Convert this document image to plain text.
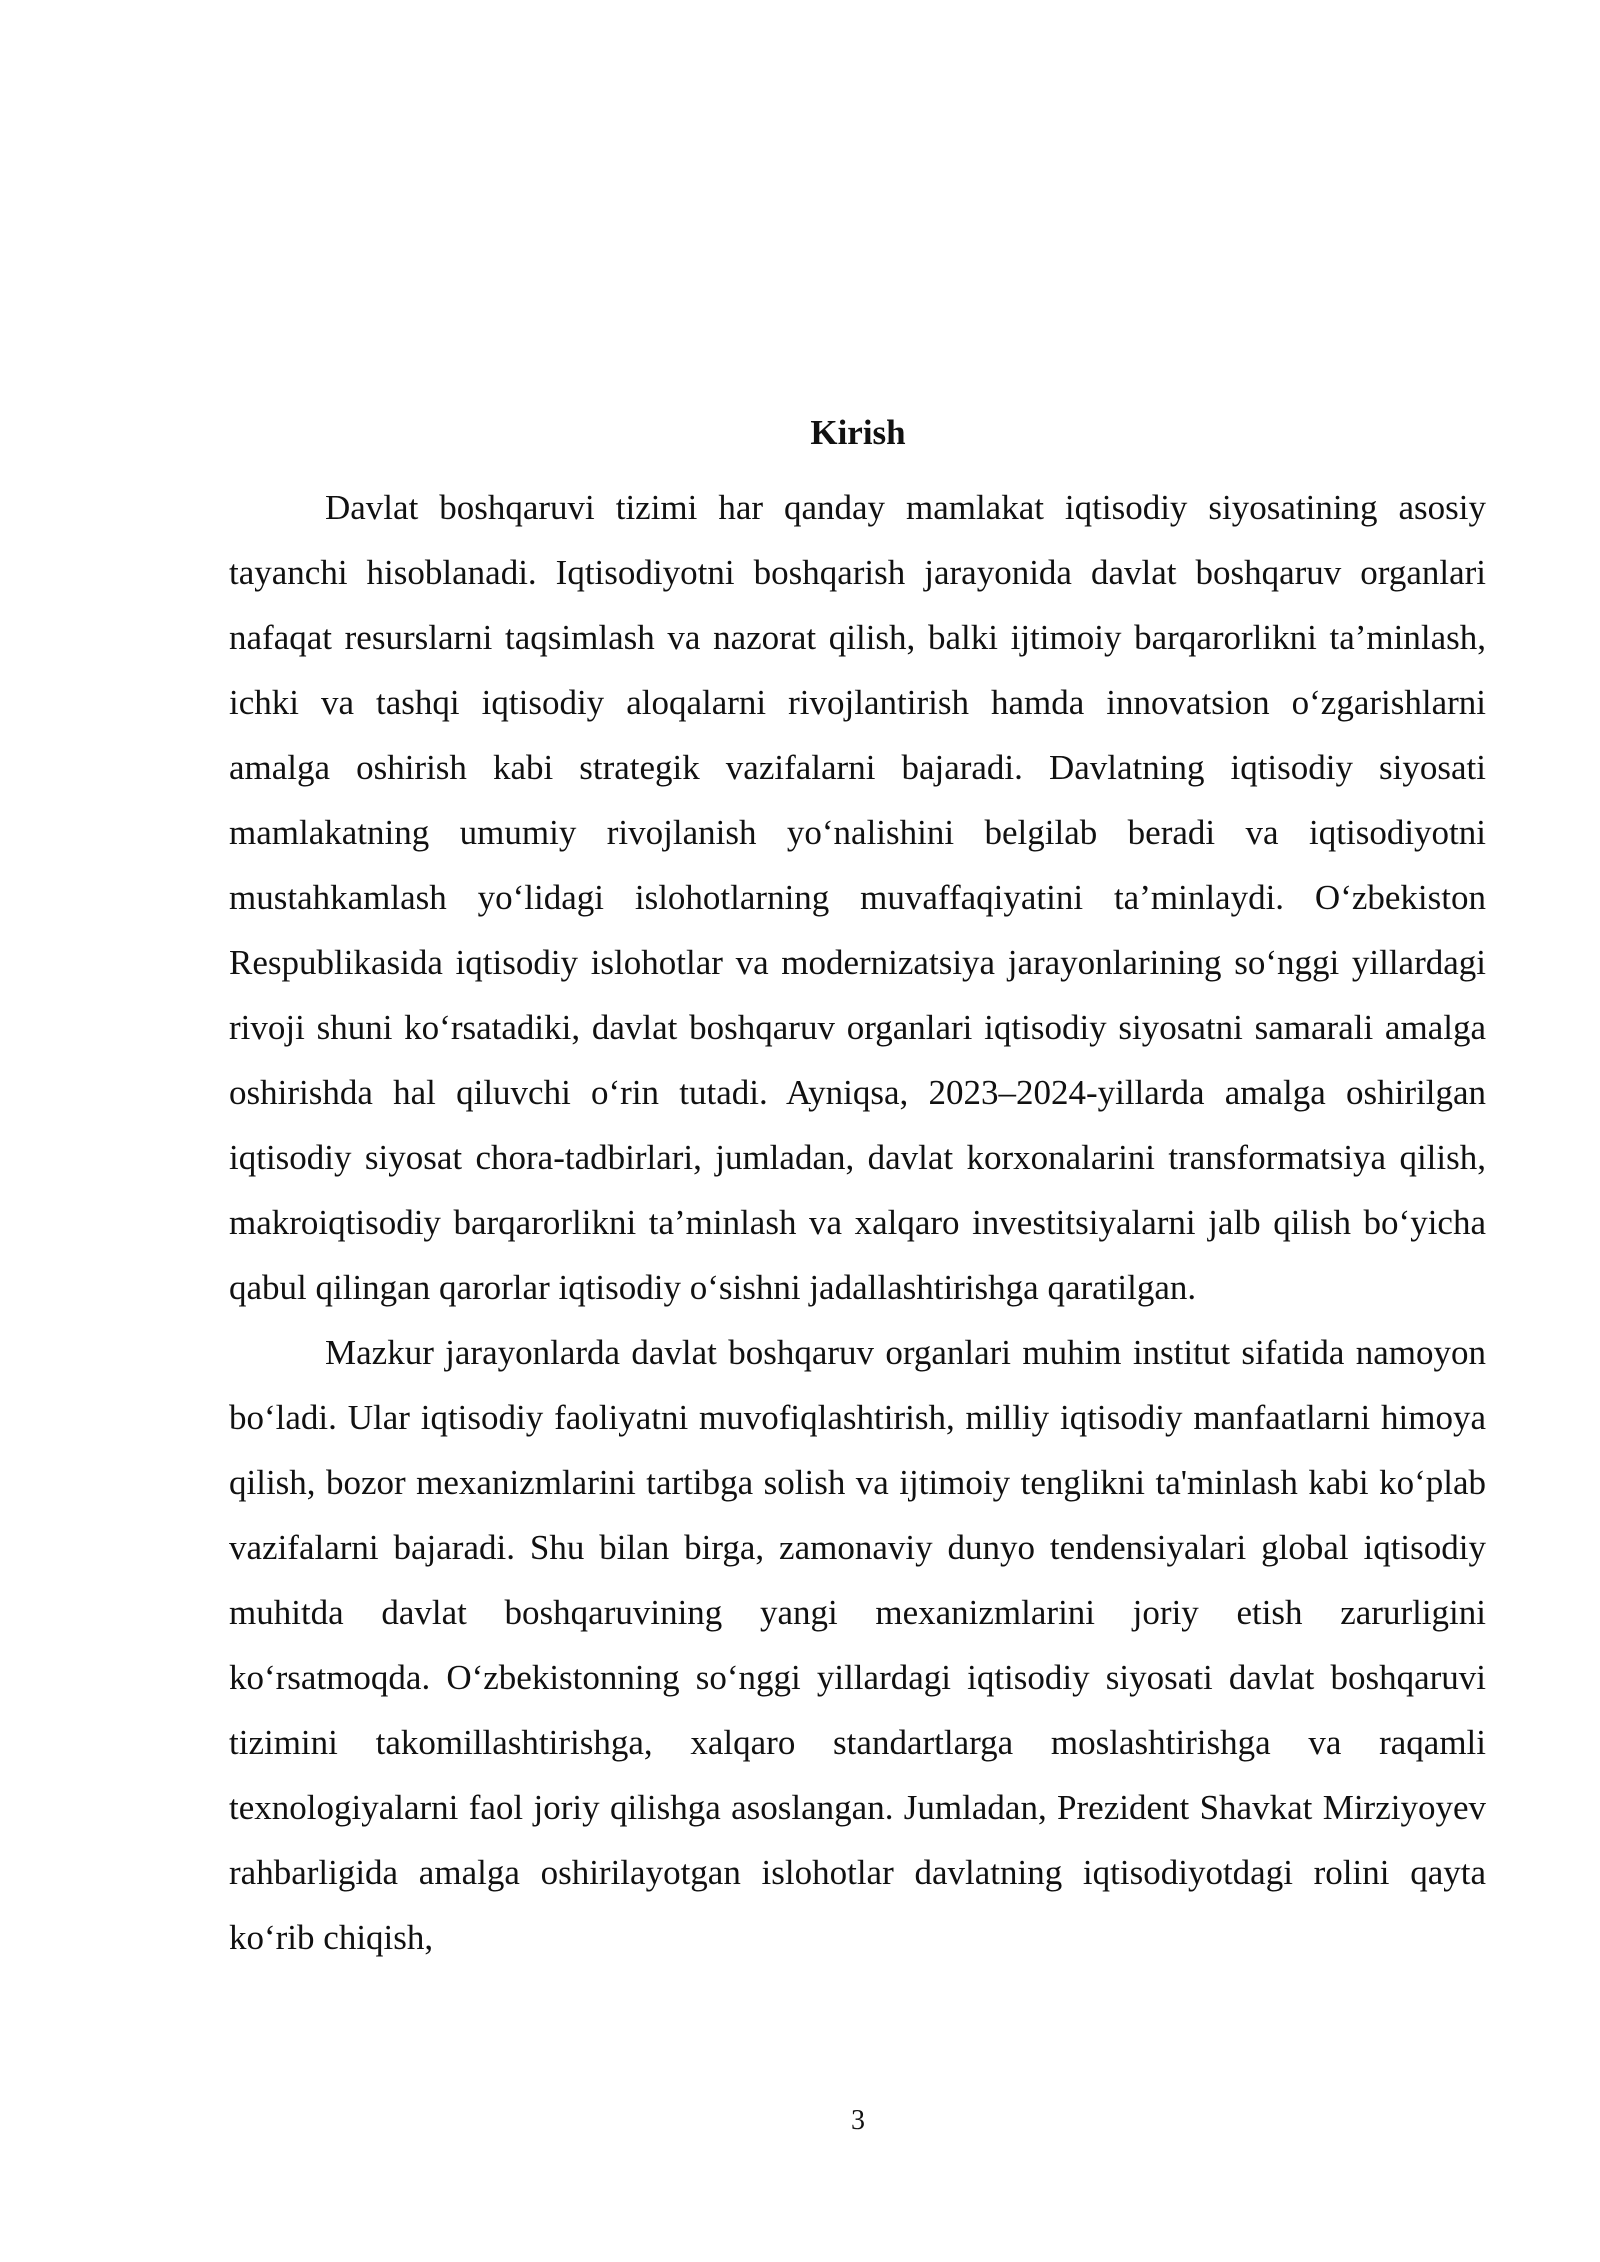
Kirish

Davlat boshqaruvi tizimi har qanday mamlakat iqtisodiy siyosatining asosiy tayanchi hisoblanadi. Iqtisodiyotni boshqarish jarayonida davlat boshqaruv organlari nafaqat resurslarni taqsimlash va nazorat qilish, balki ijtimoiy barqarorlikni ta’minlash, ichki va tashqi iqtisodiy aloqalarni rivojlantirish hamda innovatsion o‘zgarishlarni amalga oshirish kabi strategik vazifalarni bajaradi. Davlatning iqtisodiy siyosati mamlakatning umumiy rivojlanish yo‘nalishini belgilab beradi va iqtisodiyotni mustahkamlash yo‘lidagi islohotlarning muvaffaqiyatini ta’minlaydi. O‘zbekiston Respublikasida iqtisodiy islohotlar va modernizatsiya jarayonlarining so‘nggi yillardagi rivoji shuni ko‘rsatadiki, davlat boshqaruv organlari iqtisodiy siyosatni samarali amalga oshirishda hal qiluvchi o‘rin tutadi. Ayniqsa, 2023–2024-yillarda amalga oshirilgan iqtisodiy siyosat chora-tadbirlari, jumladan, davlat korxonalarini transformatsiya qilish, makroiqtisodiy barqarorlikni ta’minlash va xalqaro investitsiyalarni jalb qilish bo‘yicha qabul qilingan qarorlar iqtisodiy o‘sishni jadallashtirishga qaratilgan.

Mazkur jarayonlarda davlat boshqaruv organlari muhim institut sifatida namoyon bo‘ladi. Ular iqtisodiy faoliyatni muvofiqlashtirish, milliy iqtisodiy manfaatlarni himoya qilish, bozor mexanizmlarini tartibga solish va ijtimoiy tenglikni ta'minlash kabi ko‘plab vazifalarni bajaradi. Shu bilan birga, zamonaviy dunyo tendensiyalari global iqtisodiy muhitda davlat boshqaruvining yangi mexanizmlarini joriy etish zarurligini ko‘rsatmoqda. O‘zbekistonning so‘nggi yillardagi iqtisodiy siyosati davlat boshqaruvi tizimini takomillashtirishga, xalqaro standartlarga moslashtirishga va raqamli texnologiyalarni faol joriy qilishga asoslangan. Jumladan, Prezident Shavkat Mirziyoyev rahbarligida amalga oshirilayotgan islohotlar davlatning iqtisodiyotdagi rolini qayta ko‘rib chiqish,

3
